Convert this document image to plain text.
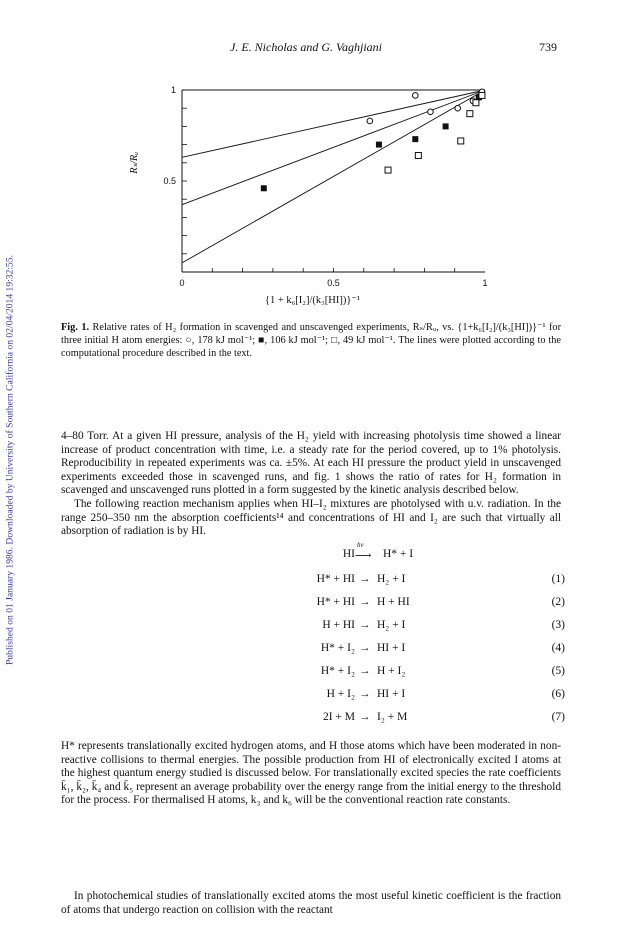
Published on 01 January 1986. Downloaded by University of Southern California on 02/04/2014 19:32:55.
J. E. Nicholas and G. Vaghjiani	739
0	0.5	1
0.5
1
Rₛ/Rᵤ
{1 + k₆[I₂]/(k₃[HI])}⁻¹
Fig. 1. Relative rates of H₂ formation in scavenged and unscavenged experiments, Rₛ/Rᵤ, vs. {1+k₆[I₂]/(k₃[HI])}⁻¹ for three initial H atom energies: ○, 178 kJ mol⁻¹; ■, 106 kJ mol⁻¹; □, 49 kJ mol⁻¹. The lines were plotted according to the computational procedure described in the text.

4–80 Torr. At a given HI pressure, analysis of the H₂ yield with increasing photolysis time showed a linear increase of product concentration with time, i.e. a steady rate for the period covered, up to 1% photolysis. Reproducibility in repeated experiments was ca. ±5%. At each HI pressure the product yield in unscavenged experiments exceeded those in scavenged runs, and fig. 1 shows the ratio of rates for H₂ formation in scavenged and unscavenged runs plotted in a form suggested by the kinetic analysis described below.

The following reaction mechanism applies when HI–I₂ mixtures are photolysed with u.v. radiation. In the range 250–350 nm the absorption coefficients¹⁴ and concentrations of HI and I₂ are such that virtually all absorption of radiation is by HI.

HI
hν
⟶ H* + I
H* + HI → H₂ + I	(1)
H* + HI → H + HI	(2)
H + HI → H₂ + I	(3)
H* + I₂ → HI + I	(4)
H* + I₂ → H + I₂	(5)
H + I₂ → HI + I	(6)
2I + M → I₂ + M	(7)

H* represents translationally excited hydrogen atoms, and H those atoms which have been moderated in non-reactive collisions to thermal energies. The possible production from HI of electronically excited I atoms at the highest quantum energy studied is discussed below. For translationally excited species the rate coefficients k̄₁, k̄₂, k̄₄ and k̄₅ represent an average probability over the energy range from the initial energy to the threshold for the process. For thermalised H atoms, k₃ and k₆ will be the conventional reaction rate constants.

In photochemical studies of translationally excited atoms the most useful kinetic coefficient is the fraction of atoms that undergo reaction on collision with the reactant
